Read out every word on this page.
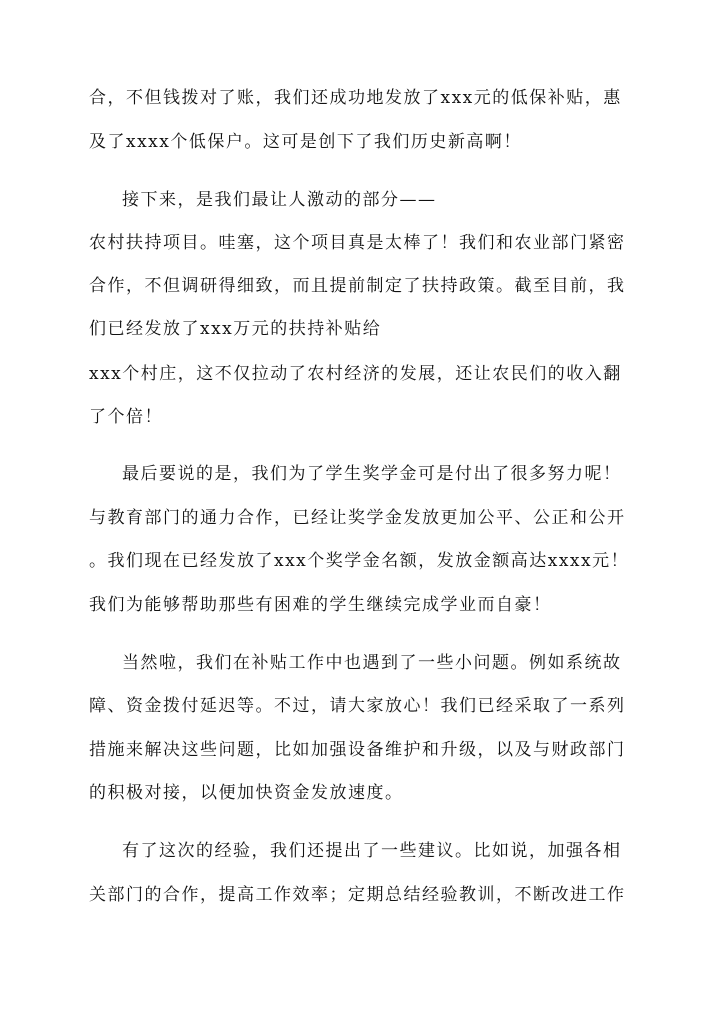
合，不但钱拨对了账，我们还成功地发放了xxx元的低保补贴，惠
及了xxxx个低保户。这可是创下了我们历史新高啊！
接下来，是我们最让人激动的部分——
农村扶持项目。哇塞，这个项目真是太棒了！我们和农业部门紧密
合作，不但调研得细致，而且提前制定了扶持政策。截至目前，我
们已经发放了xxx万元的扶持补贴给
xxx个村庄，这不仅拉动了农村经济的发展，还让农民们的收入翻
了个倍！
最后要说的是，我们为了学生奖学金可是付出了很多努力呢！
与教育部门的通力合作，已经让奖学金发放更加公平、公正和公开
。我们现在已经发放了xxx个奖学金名额，发放金额高达xxxx元！
我们为能够帮助那些有困难的学生继续完成学业而自豪！
当然啦，我们在补贴工作中也遇到了一些小问题。例如系统故
障、资金拨付延迟等。不过，请大家放心！我们已经采取了一系列
措施来解决这些问题，比如加强设备维护和升级，以及与财政部门
的积极对接，以便加快资金发放速度。
有了这次的经验，我们还提出了一些建议。比如说，加强各相
关部门的合作，提高工作效率；定期总结经验教训，不断改进工作
